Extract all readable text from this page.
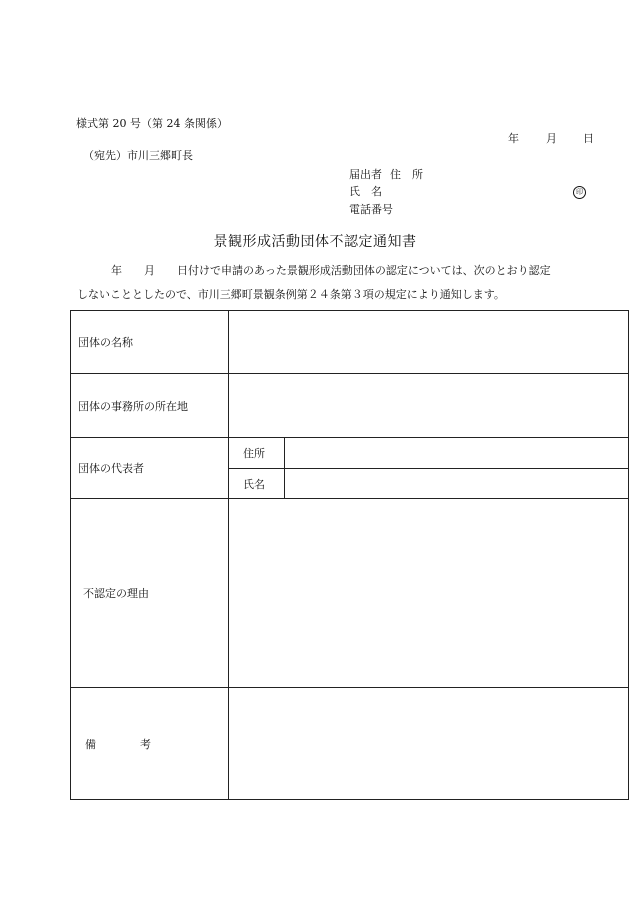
様式第 20 号（第 24 条関係）
年 月 日
（宛先）市川三郷町長
届出者 住　所
氏　名	印
電話番号
景観形成活動団体不認定通知書
　　年　　月　　日付けで申請のあった景観形成活動団体の認定については、次のとおり認定
しないこととしたので、市川三郷町景観条例第２４条第３項の規定により通知します。
団体の名称		
団体の事務所の所在地		
団体の代表者	住所	
	氏名	
不認定の理由		
備　　　　考		
